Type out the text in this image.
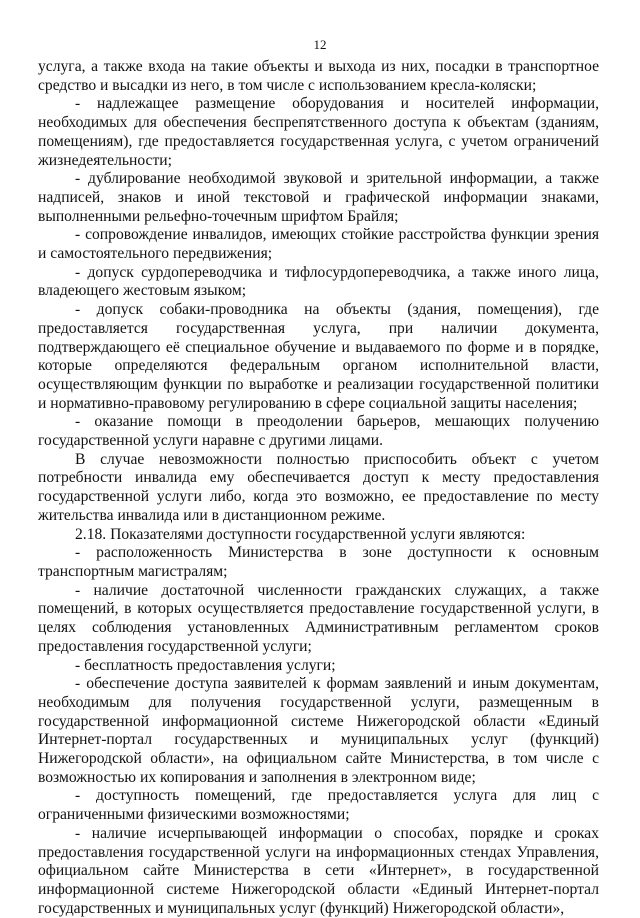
12

услуга, а также входа на такие объекты и выхода из них, посадки в транспортное средство и высадки из него, в том числе с использованием кресла-коляски;

- надлежащее размещение оборудования и носителей информации, необходимых для обеспечения беспрепятственного доступа к объектам (зданиям, помещениям), где предоставляется государственная услуга, с учетом ограничений жизнедеятельности;

- дублирование необходимой звуковой и зрительной информации, а также надписей, знаков и иной текстовой и графической информации знаками, выполненными рельефно-точечным шрифтом Брайля;

- сопровождение инвалидов, имеющих стойкие расстройства функции зрения и самостоятельного передвижения;

- допуск сурдопереводчика и тифлосурдопереводчика, а также иного лица, владеющего жестовым языком;

- допуск собаки-проводника на объекты (здания, помещения), где предоставляется государственная услуга, при наличии документа, подтверждающего её специальное обучение и выдаваемого по форме и в порядке, которые определяются федеральным органом исполнительной власти, осуществляющим функции по выработке и реализации государственной политики и нормативно-правовому регулированию в сфере социальной защиты населения;

- оказание помощи в преодолении барьеров, мешающих получению государственной услуги наравне с другими лицами.

В случае невозможности полностью приспособить объект с учетом потребности инвалида ему обеспечивается доступ к месту предоставления государственной услуги либо, когда это возможно, ее предоставление по месту жительства инвалида или в дистанционном режиме.

2.18. Показателями доступности государственной услуги являются:

- расположенность Министерства в зоне доступности к основным транспортным магистралям;

- наличие достаточной численности гражданских служащих, а также помещений, в которых осуществляется предоставление государственной услуги, в целях соблюдения установленных Административным регламентом сроков предоставления государственной услуги;

- бесплатность предоставления услуги;

- обеспечение доступа заявителей к формам заявлений и иным документам, необходимым для получения государственной услуги, размещенным в государственной информационной системе Нижегородской области «Единый Интернет-портал государственных и муниципальных услуг (функций) Нижегородской области», на официальном сайте Министерства, в том числе с возможностью их копирования и заполнения в электронном виде;

- доступность помещений, где предоставляется услуга для лиц с ограниченными физическими возможностями;

- наличие исчерпывающей информации о способах, порядке и сроках предоставления государственной услуги на информационных стендах Управления, официальном сайте Министерства в сети «Интернет», в государственной информационной системе Нижегородской области «Единый Интернет-портал государственных и муниципальных услуг (функций) Нижегородской области»,
